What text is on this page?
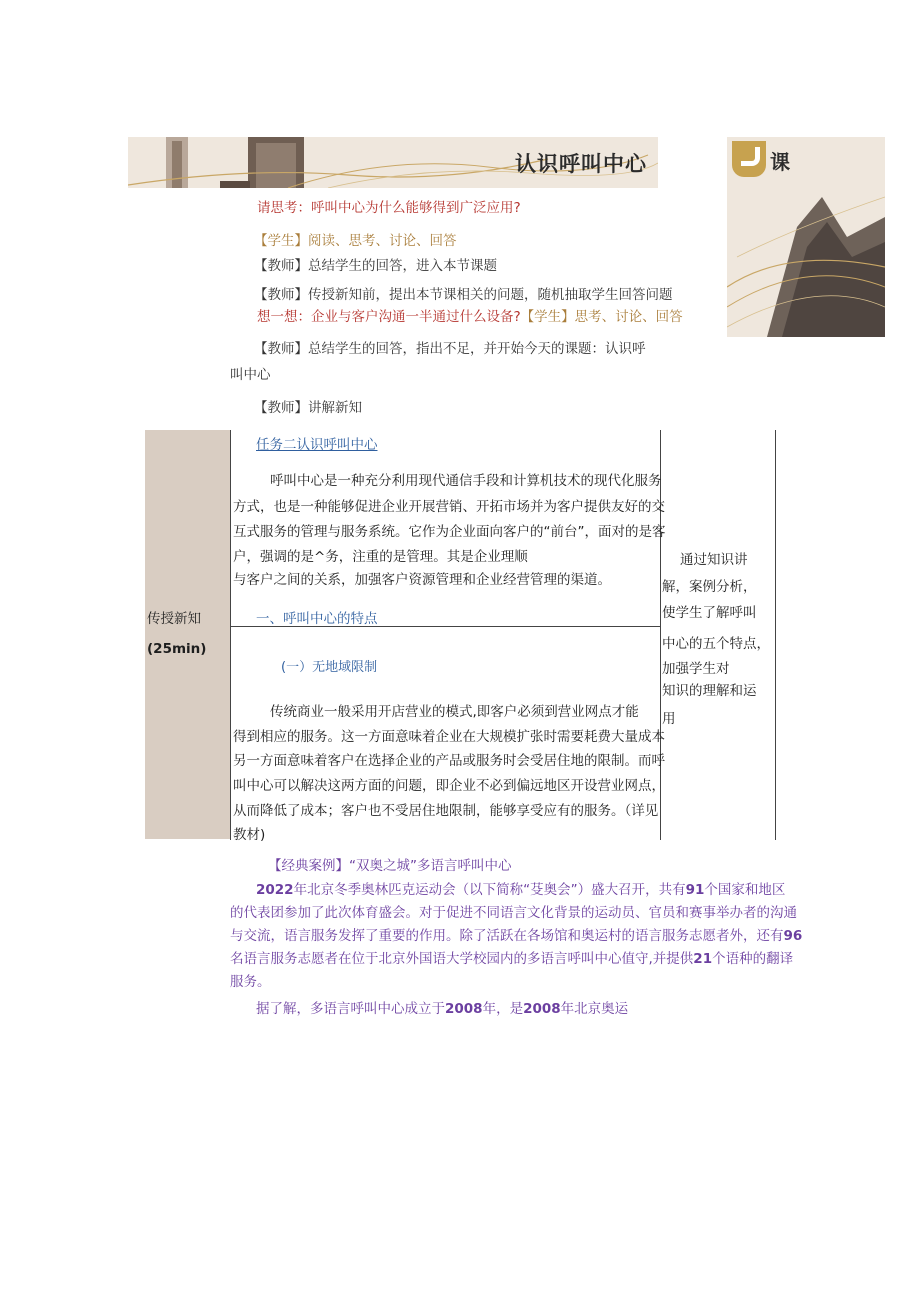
认识呼叫中心	课
请思考：呼叫中心为什么能够得到广泛应用?
【学生】阅读、思考、讨论、回答
【教师】总结学生的回答，进入本节课题
【教师】传授新知前，提出本节课相关的问题，随机抽取学生回答问题
想一想：企业与客户沟通一半通过什么设备?【学生】思考、讨论、回答
【教师】总结学生的回答，指出不足，并开始今天的课题：认识呼
叫中心
【教师】讲解新知
传授新知
(25min)
任务二认识呼叫中心
呼叫中心是一种充分利用现代通信手段和计算机技术的现代化服务
方式，也是一种能够促进企业开展营销、开拓市场并为客户提供友好的交
互式服务的管理与服务系统。它作为企业面向客户的“前台”，面对的是客
户，强调的是^务，注重的是管理。其是企业理顺
与客户之间的关系，加强客户资源管理和企业经营管理的渠道。
一、呼叫中心的特点
(一）无地域限制
传统商业一般采用开店营业的模式,即客户必须到营业网点才能
得到相应的服务。这一方面意味着企业在大规模扩张时需要耗费大量成本
另一方面意味着客户在选择企业的产品或服务时会受居住地的限制。而呼
叫中心可以解决这两方面的问题，即企业不必到偏远地区开设营业网点，
从而降低了成本；客户也不受居住地限制，能够享受应有的服务。（详见
教材)
通过知识讲
解，案例分析，
使学生了解呼叫
中心的五个特点，
加强学生对
知识的理解和运
用
【经典案例】“双奥之城”多语言呼叫中心
2022年北京冬季奥林匹克运动会（以下简称“芟奥会”）盛大召开，共有91个国家和地区
的代表团参加了此次体育盛会。对于促进不同语言文化背景的运动员、官员和赛事举办者的沟通
与交流，语言服务发挥了重要的作用。除了活跃在各场馆和奥运村的语言服务志愿者外，还有96
名语言服务志愿者在位于北京外国语大学校园内的多语言呼叫中心值守,并提供21个语种的翻译
服务。
据了解，多语言呼叫中心成立于2008年，是2008年北京奥运
